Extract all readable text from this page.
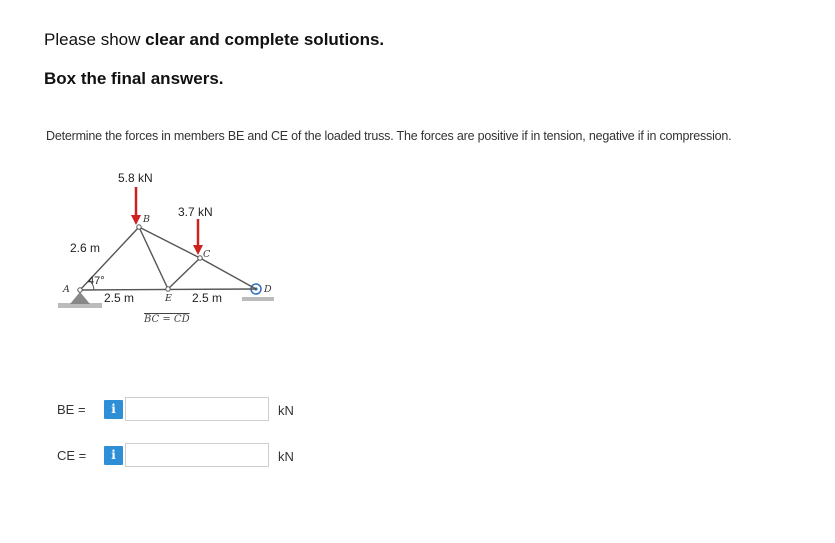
Please show clear and complete solutions.
Box the final answers.
Determine the forces in members BE and CE of the loaded truss. The forces are positive if in tension, negative if in compression.
5.8 kN
3.7 kN
2.6 m
47°
2.5 m	2.5 m
BC = CD
A
B
C
D
E
BE =	i	kN
CE =	i	kN
